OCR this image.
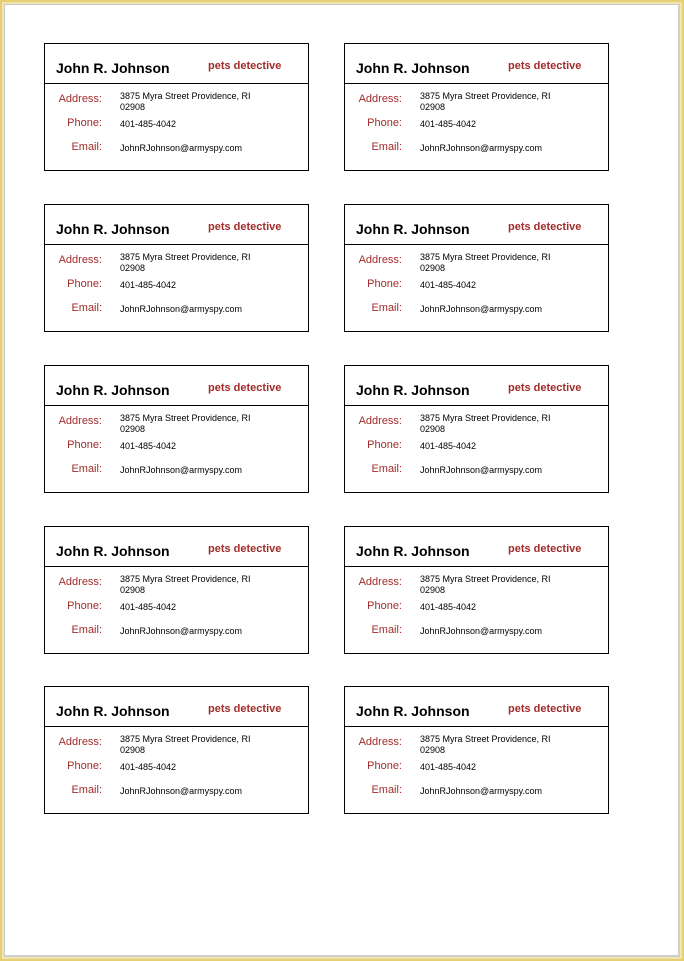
John R. Johnson	pets detective
Address: 3875 Myra Street Providence, RI 02908
Phone: 401-485-4042
Email: JohnRJohnson@armyspy.com
John R. Johnson	pets detective
Address: 3875 Myra Street Providence, RI 02908
Phone: 401-485-4042
Email: JohnRJohnson@armyspy.com
John R. Johnson	pets detective
Address: 3875 Myra Street Providence, RI 02908
Phone: 401-485-4042
Email: JohnRJohnson@armyspy.com
John R. Johnson	pets detective
Address: 3875 Myra Street Providence, RI 02908
Phone: 401-485-4042
Email: JohnRJohnson@armyspy.com
John R. Johnson	pets detective
Address: 3875 Myra Street Providence, RI 02908
Phone: 401-485-4042
Email: JohnRJohnson@armyspy.com
John R. Johnson	pets detective
Address: 3875 Myra Street Providence, RI 02908
Phone: 401-485-4042
Email: JohnRJohnson@armyspy.com
John R. Johnson	pets detective
Address: 3875 Myra Street Providence, RI 02908
Phone: 401-485-4042
Email: JohnRJohnson@armyspy.com
John R. Johnson	pets detective
Address: 3875 Myra Street Providence, RI 02908
Phone: 401-485-4042
Email: JohnRJohnson@armyspy.com
John R. Johnson	pets detective
Address: 3875 Myra Street Providence, RI 02908
Phone: 401-485-4042
Email: JohnRJohnson@armyspy.com
John R. Johnson	pets detective
Address: 3875 Myra Street Providence, RI 02908
Phone: 401-485-4042
Email: JohnRJohnson@armyspy.com
